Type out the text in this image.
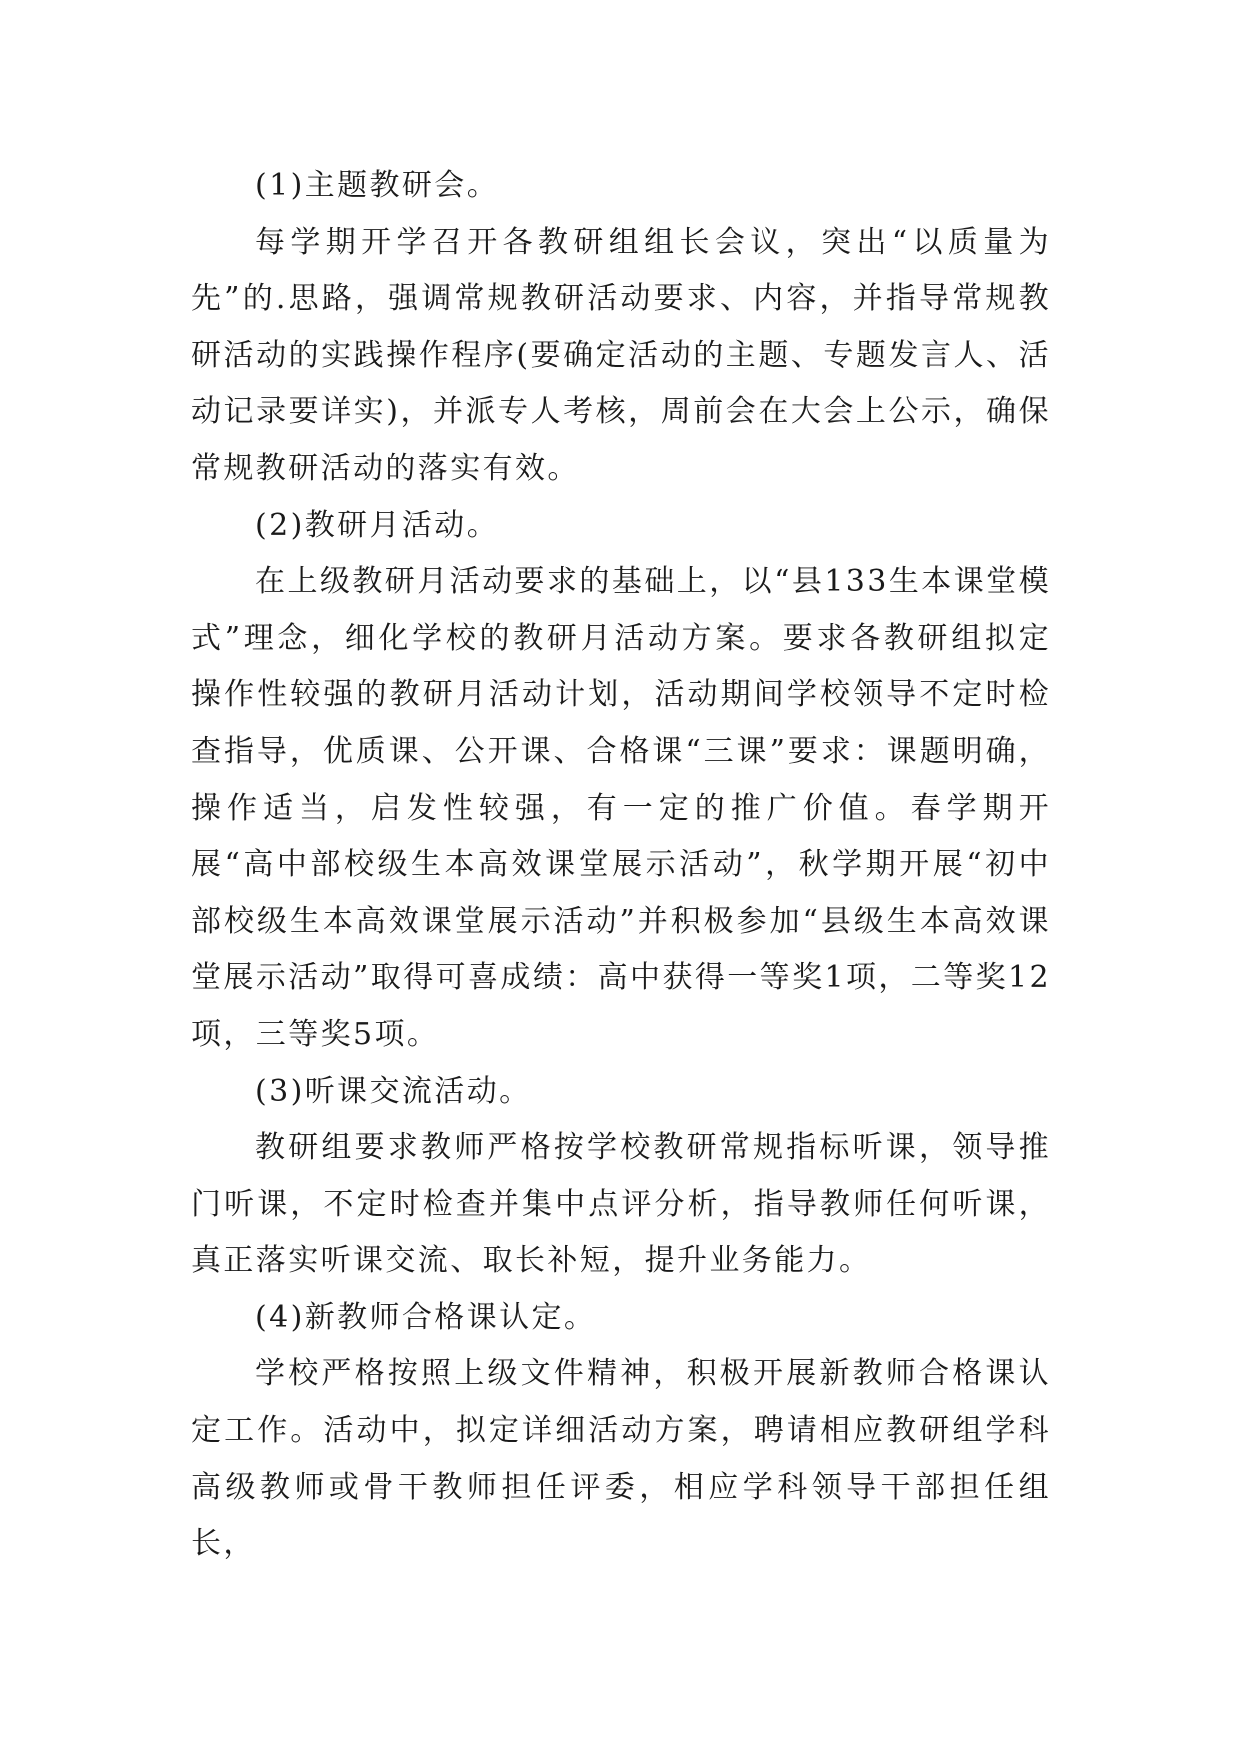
(1)主题教研会。

每学期开学召开各教研组组长会议，突出“以质量为先”的.思路，强调常规教研活动要求、内容，并指导常规教研活动的实践操作程序(要确定活动的主题、专题发言人、活动记录要详实)，并派专人考核，周前会在大会上公示，确保常规教研活动的落实有效。

(2)教研月活动。

在上级教研月活动要求的基础上，以“县133生本课堂模式”理念，细化学校的教研月活动方案。要求各教研组拟定操作性较强的教研月活动计划，活动期间学校领导不定时检查指导，优质课、公开课、合格课“三课”要求：课题明确，操作适当，启发性较强，有一定的推广价值。春学期开展“高中部校级生本高效课堂展示活动”，秋学期开展“初中部校级生本高效课堂展示活动”并积极参加“县级生本高效课堂展示活动”取得可喜成绩：高中获得一等奖1项，二等奖12项，三等奖5项。

(3)听课交流活动。

教研组要求教师严格按学校教研常规指标听课，领导推门听课，不定时检查并集中点评分析，指导教师任何听课，真正落实听课交流、取长补短，提升业务能力。

(4)新教师合格课认定。

学校严格按照上级文件精神，积极开展新教师合格课认定工作。活动中，拟定详细活动方案，聘请相应教研组学科高级教师或骨干教师担任评委，相应学科领导干部担任组长，
